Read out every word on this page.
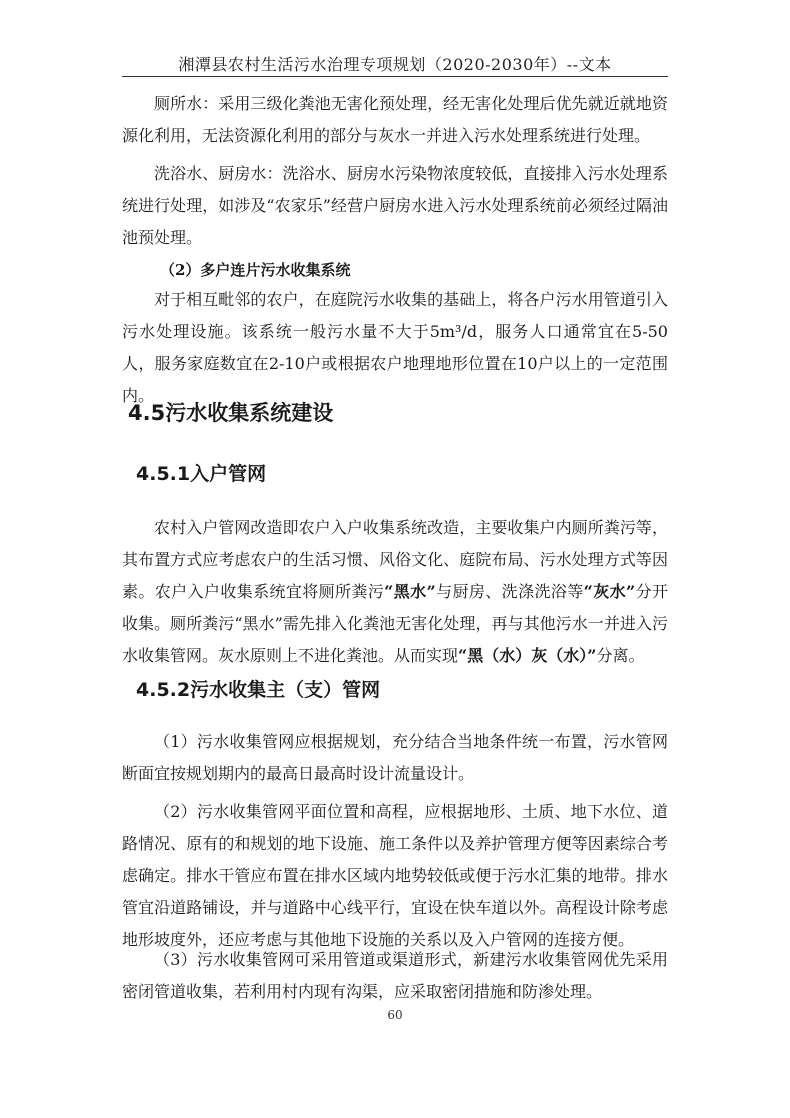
湘潭县农村生活污水治理专项规划（2020-2030年）--文本

厕所水：采用三级化粪池无害化预处理，经无害化处理后优先就近就地资源化利用，无法资源化利用的部分与灰水一并进入污水处理系统进行处理。

洗浴水、厨房水：洗浴水、厨房水污染物浓度较低，直接排入污水处理系统进行处理，如涉及“农家乐”经营户厨房水进入污水处理系统前必须经过隔油池预处理。

（2）多户连片污水收集系统

对于相互毗邻的农户，在庭院污水收集的基础上，将各户污水用管道引入污水处理设施。该系统一般污水量不大于5m³/d，服务人口通常宜在5-50人，服务家庭数宜在2-10户或根据农户地理地形位置在10户以上的一定范围内。

4.5污水收集系统建设
4.5.1入户管网

农村入户管网改造即农户入户收集系统改造，主要收集户内厕所粪污等，其布置方式应考虑农户的生活习惯、风俗文化、庭院布局、污水处理方式等因素。农户入户收集系统宜将厕所粪污“黑水”与厨房、洗涤洗浴等“灰水”分开收集。厕所粪污“黑水”需先排入化粪池无害化处理，再与其他污水一并进入污水收集管网。灰水原则上不进化粪池。从而实现“黑（水）灰（水）”分离。

4.5.2污水收集主（支）管网

（1）污水收集管网应根据规划，充分结合当地条件统一布置，污水管网断面宜按规划期内的最高日最高时设计流量设计。

（2）污水收集管网平面位置和高程，应根据地形、土质、地下水位、道路情况、原有的和规划的地下设施、施工条件以及养护管理方便等因素综合考虑确定。排水干管应布置在排水区域内地势较低或便于污水汇集的地带。排水管宜沿道路铺设，并与道路中心线平行，宜设在快车道以外。高程设计除考虑地形坡度外，还应考虑与其他地下设施的关系以及入户管网的连接方便。

（3）污水收集管网可采用管道或渠道形式，新建污水收集管网优先采用密闭管道收集，若利用村内现有沟渠，应采取密闭措施和防渗处理。

60
